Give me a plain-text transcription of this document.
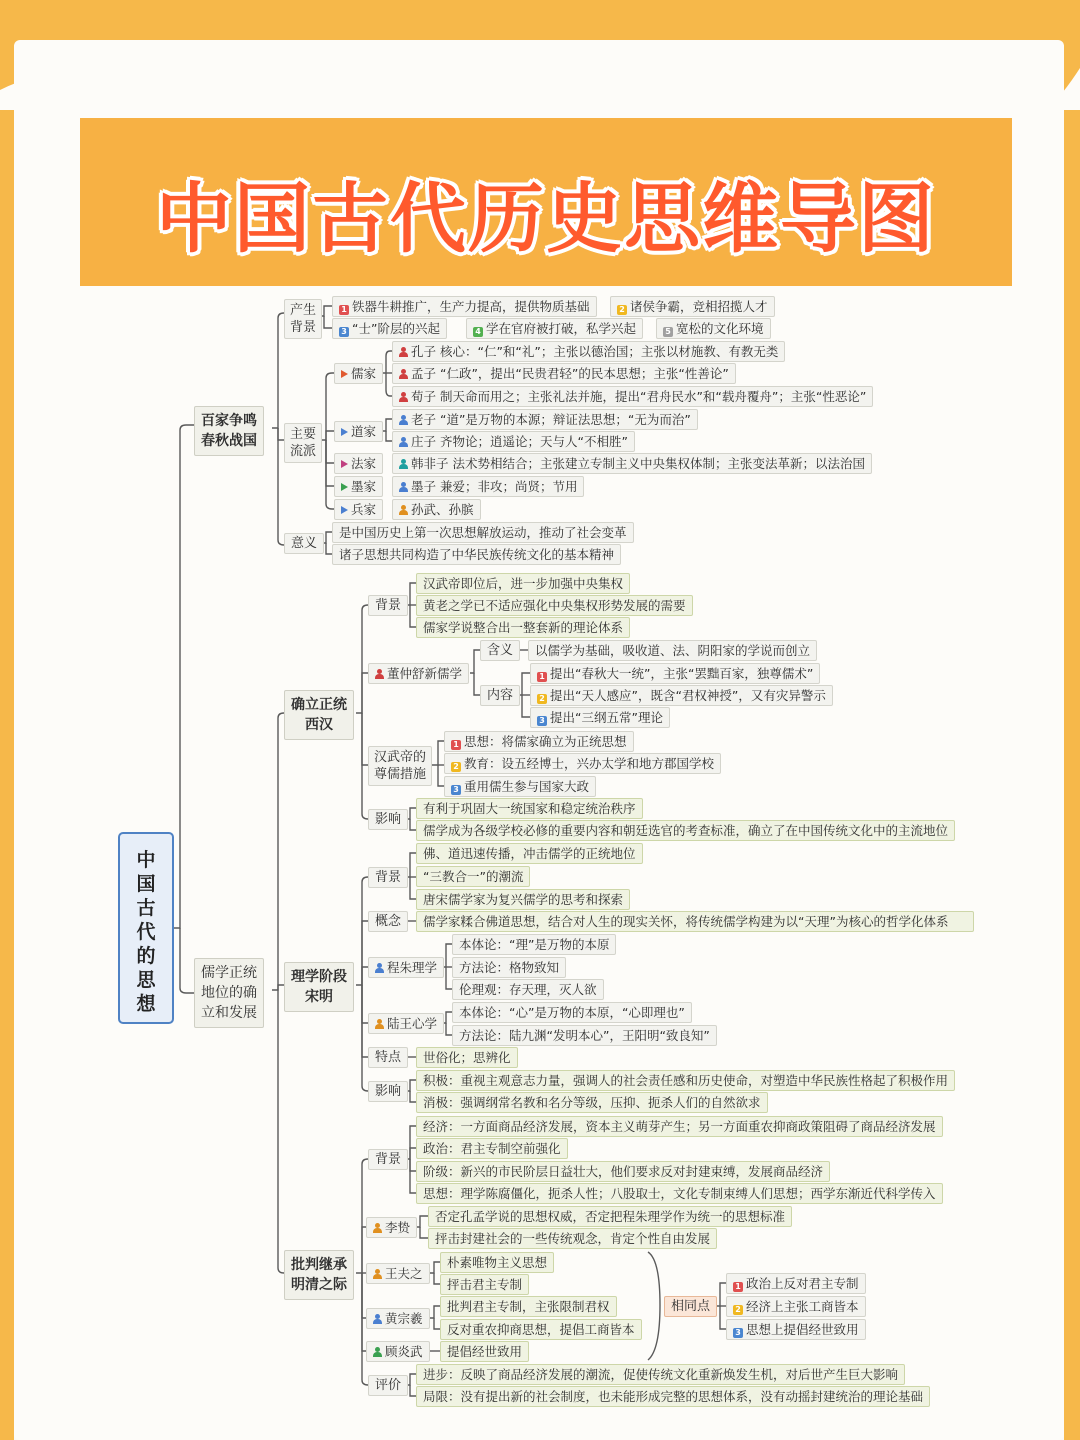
中国古代历史思维导图
中
国
古
代
的
思
想
百家争鸣
春秋战国
产生
背景
1 铁器牛耕推广，生产力提高，提供物质基础	2 诸侯争霸，竞相招揽人才
3 “士”阶层的兴起	4 学在官府被打破，私学兴起	5 宽松的文化环境
主要
流派
儒家
孔子 核心：“仁”和“礼”；主张以德治国；主张以材施教、有教无类
孟子 “仁政”，提出“民贵君轻”的民本思想；主张“性善论”
荀子 制天命而用之；主张礼法并施，提出“君舟民水”和“载舟覆舟”；主张“性恶论”
道家
老子 “道”是万物的本源；辩证法思想；“无为而治”
庄子 齐物论；逍遥论；天与人“不相胜”
法家	韩非子 法术势相结合；主张建立专制主义中央集权体制；主张变法革新；以法治国
墨家	墨子 兼爱；非攻；尚贤；节用
兵家	孙武、孙膑
意义
是中国历史上第一次思想解放运动，推动了社会变革
诸子思想共同构造了中华民族传统文化的基本精神
儒学正统
地位的确
立和发展
确立正统
西汉
背景
汉武帝即位后，进一步加强中央集权
黄老之学已不适应强化中央集权形势发展的需要
儒家学说整合出一整套新的理论体系
董仲舒新儒学
含义	以儒学为基础，吸收道、法、阴阳家的学说而创立
内容
1 提出“春秋大一统”，主张“罢黜百家，独尊儒术”
2 提出“天人感应”，既含“君权神授”，又有灾异警示
3 提出“三纲五常”理论
汉武帝的
尊儒措施
1 思想：将儒家确立为正统思想
2 教育：设五经博士，兴办太学和地方郡国学校
3 重用儒生参与国家大政
影响
有利于巩固大一统国家和稳定统治秩序
儒学成为各级学校必修的重要内容和朝廷选官的考查标准，确立了在中国传统文化中的主流地位
理学阶段
宋明
背景
佛、道迅速传播，冲击儒学的正统地位
“三教合一”的潮流
唐宋儒学家为复兴儒学的思考和探索
概念	儒学家糅合佛道思想，结合对人生的现实关怀，将传统儒学构建为以“天理”为核心的哲学化体系
程朱理学
本体论：“理”是万物的本原
方法论：格物致知
伦理观：存天理，灭人欲
陆王心学
本体论：“心”是万物的本原，“心即理也”
方法论：陆九渊“发明本心”，王阳明“致良知”
特点	世俗化；思辨化
影响
积极：重视主观意志力量，强调人的社会责任感和历史使命，对塑造中华民族性格起了积极作用
消极：强调纲常名教和名分等级，压抑、扼杀人们的自然欲求
批判继承
明清之际
背景
经济：一方面商品经济发展，资本主义萌芽产生；另一方面重农抑商政策阻碍了商品经济发展
政治：君主专制空前强化
阶级：新兴的市民阶层日益壮大，他们要求反对封建束缚，发展商品经济
思想：理学陈腐僵化，扼杀人性；八股取士，文化专制束缚人们思想；西学东渐近代科学传入
李贽
否定孔孟学说的思想权威，否定把程朱理学作为统一的思想标准
抨击封建社会的一些传统观念，肯定个性自由发展
王夫之
朴素唯物主义思想
抨击君主专制
黄宗羲
批判君主专制，主张限制君权
反对重农抑商思想，提倡工商皆本
顾炎武	提倡经世致用
相同点
1 政治上反对君主专制
2 经济上主张工商皆本
3 思想上提倡经世致用
评价
进步：反映了商品经济发展的潮流，促使传统文化重新焕发生机，对后世产生巨大影响
局限：没有提出新的社会制度，也未能形成完整的思想体系，没有动摇封建统治的理论基础
